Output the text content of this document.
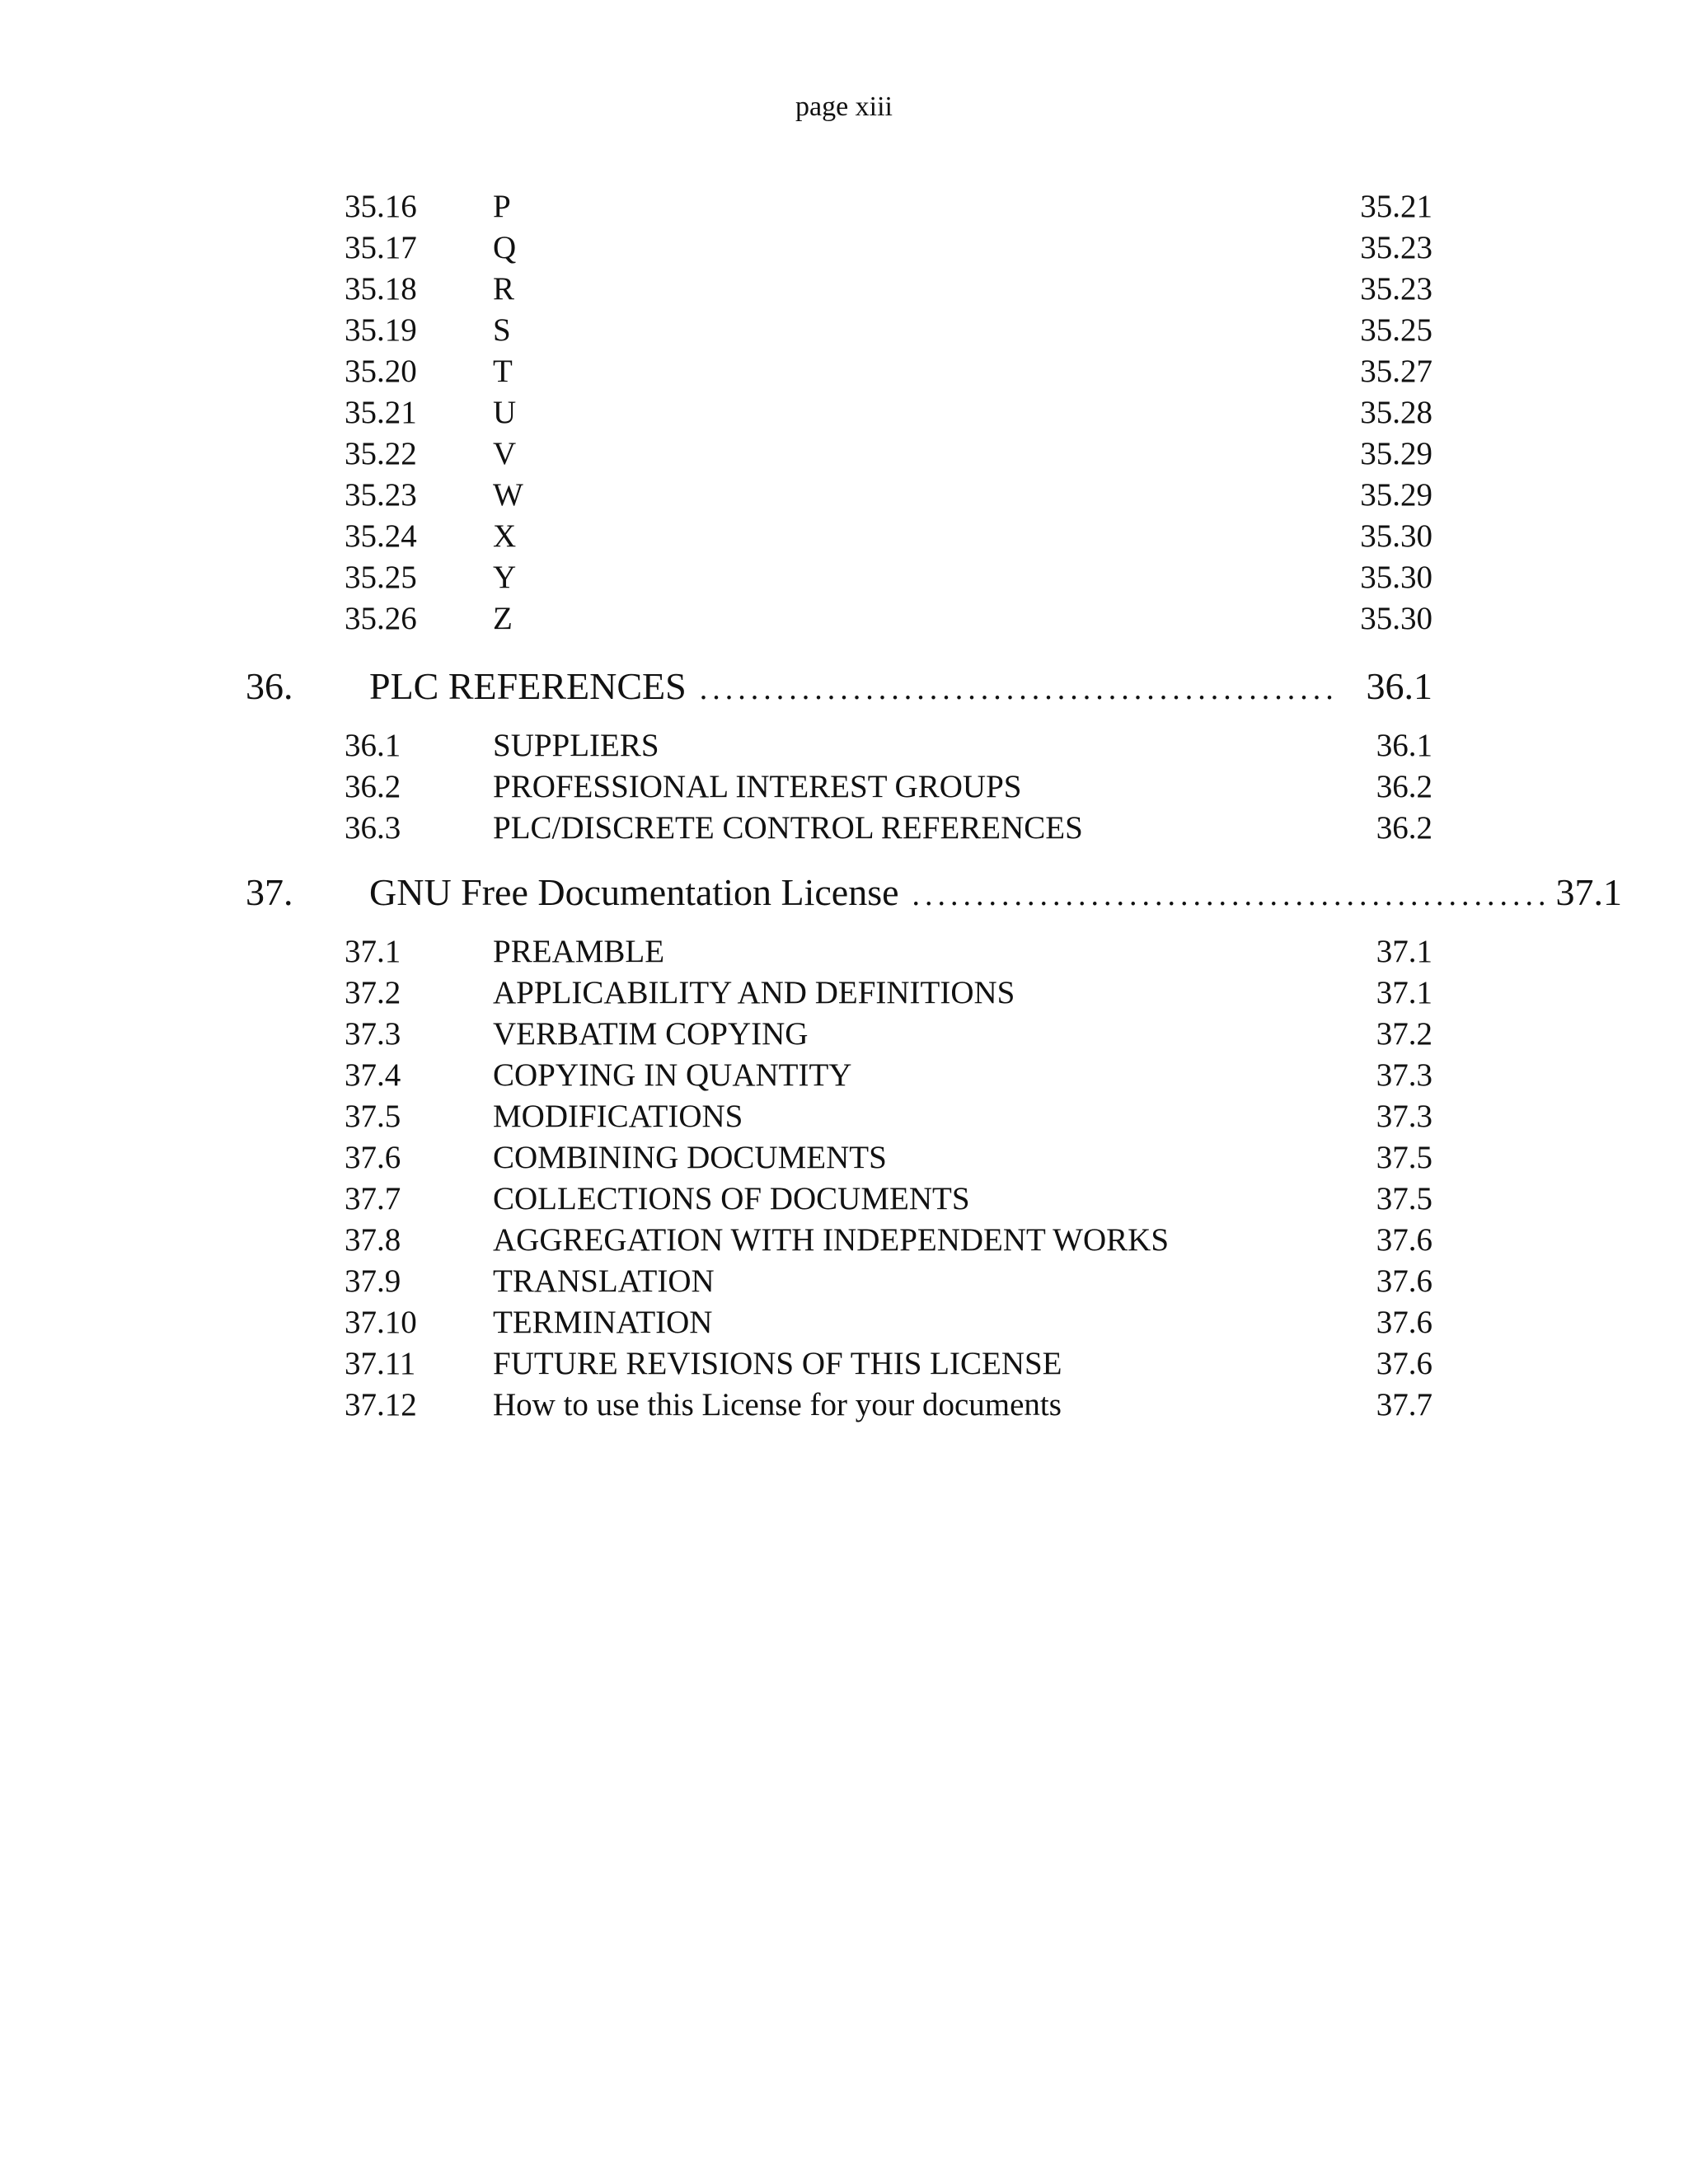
page xiii
35.16 P	35.21
35.17 Q	35.23
35.18 R	35.23
35.19 S	35.25
35.20 T	35.27
35.21 U	35.28
35.22 V	35.29
35.23 W	35.29
35.24 X	35.30
35.25 Y	35.30
35.26 Z	35.30
36. PLC REFERENCES .................................................. 36.1
36.1	SUPPLIERS	36.1
36.2	PROFESSIONAL INTEREST GROUPS	36.2
36.3	PLC/DISCRETE CONTROL REFERENCES	36.2
37. GNU Free Documentation License .................................................. 37.1
37.1	PREAMBLE	37.1
37.2	APPLICABILITY AND DEFINITIONS	37.1
37.3	VERBATIM COPYING	37.2
37.4	COPYING IN QUANTITY	37.3
37.5	MODIFICATIONS	37.3
37.6	COMBINING DOCUMENTS	37.5
37.7	COLLECTIONS OF DOCUMENTS	37.5
37.8	AGGREGATION WITH INDEPENDENT WORKS	37.6
37.9	TRANSLATION	37.6
37.10 TERMINATION	37.6
37.11 FUTURE REVISIONS OF THIS LICENSE	37.6
37.12 How to use this License for your documents	37.7
